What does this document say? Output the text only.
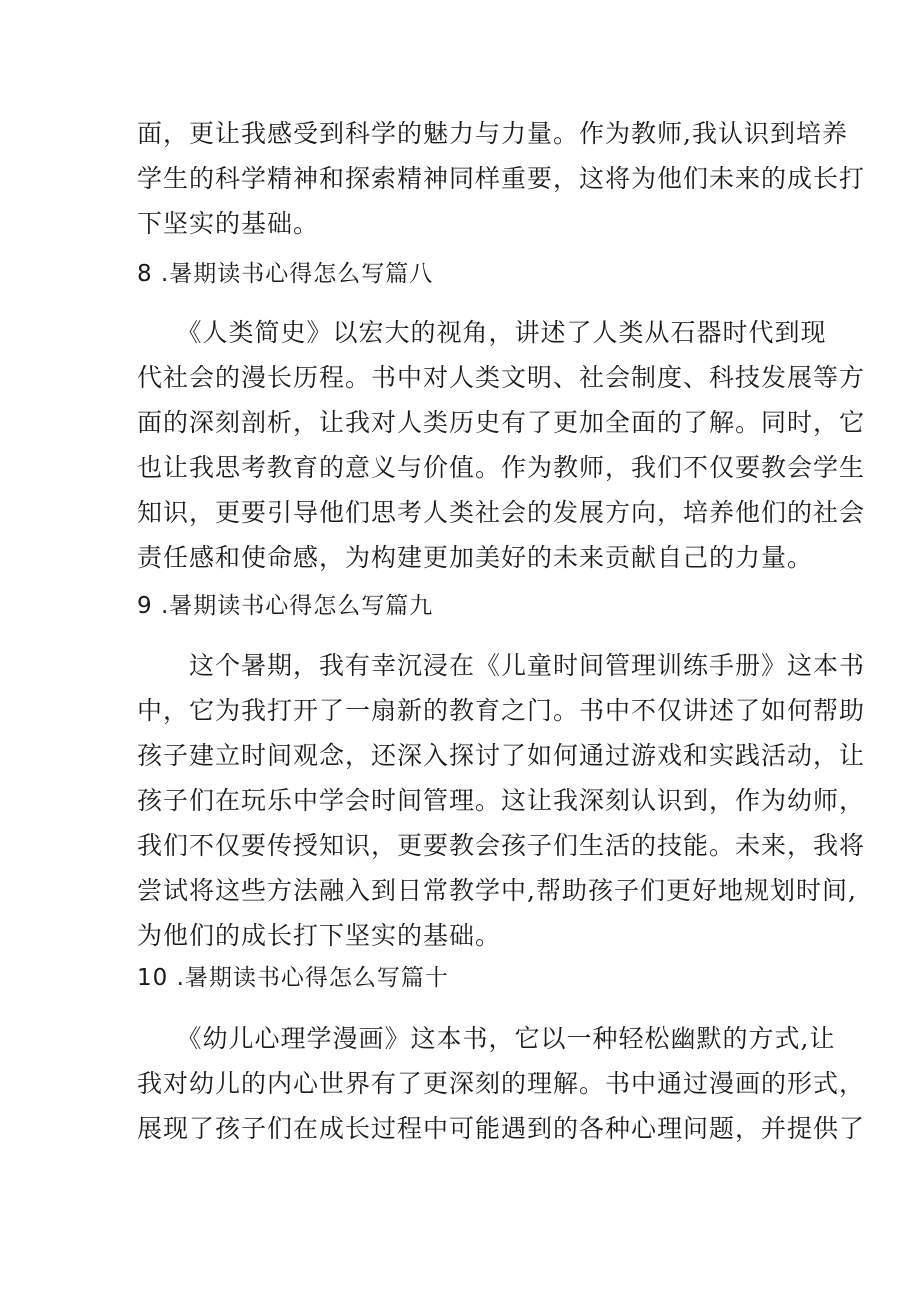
面，更让我感受到科学的魅力与力量。作为教师,我认识到培养
学生的科学精神和探索精神同样重要，这将为他们未来的成长打
下坚实的基础。

8 .暑期读书心得怎么写篇八

　　《人类简史》以宏大的视角，讲述了人类从石器时代到现
代社会的漫长历程。书中对人类文明、社会制度、科技发展等方
面的深刻剖析，让我对人类历史有了更加全面的了解。同时，它
也让我思考教育的意义与价值。作为教师，我们不仅要教会学生
知识，更要引导他们思考人类社会的发展方向，培养他们的社会
责任感和使命感，为构建更加美好的未来贡献自己的力量。

9 .暑期读书心得怎么写篇九

　　这个暑期，我有幸沉浸在《儿童时间管理训练手册》这本书
中，它为我打开了一扇新的教育之门。书中不仅讲述了如何帮助
孩子建立时间观念，还深入探讨了如何通过游戏和实践活动，让
孩子们在玩乐中学会时间管理。这让我深刻认识到，作为幼师，
我们不仅要传授知识，更要教会孩子们生活的技能。未来，我将
尝试将这些方法融入到日常教学中,帮助孩子们更好地规划时间,
为他们的成长打下坚实的基础。

10 .暑期读书心得怎么写篇十

　　《幼儿心理学漫画》这本书，它以一种轻松幽默的方式,让
我对幼儿的内心世界有了更深刻的理解。书中通过漫画的形式，
展现了孩子们在成长过程中可能遇到的各种心理问题，并提供了
